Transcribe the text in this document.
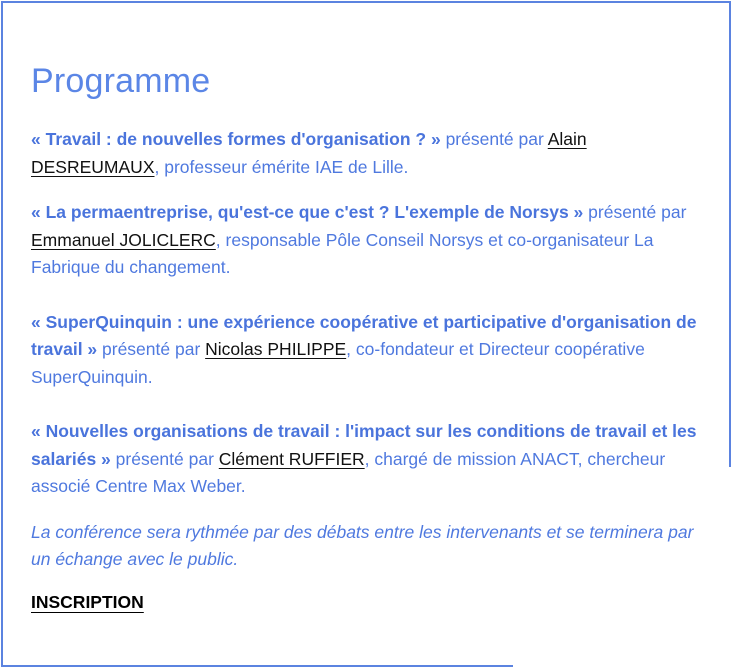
Programme

« Travail : de nouvelles formes d'organisation ? » présenté par Alain DESREUMAUX, professeur émérite IAE de Lille.

« La permaentreprise, qu'est-ce que c'est ? L'exemple de Norsys » présenté par Emmanuel JOLICLERC, responsable Pôle Conseil Norsys et co-organisateur La Fabrique du changement.

« SuperQuinquin : une expérience coopérative et participative d'organisation de travail » présenté par Nicolas PHILIPPE, co-fondateur et Directeur coopérative SuperQuinquin.

« Nouvelles organisations de travail : l'impact sur les conditions de travail et les salariés » présenté par Clément RUFFIER, chargé de mission ANACT, chercheur associé Centre Max Weber.

La conférence sera rythmée par des débats entre les intervenants et se terminera par un échange avec le public.

INSCRIPTION
